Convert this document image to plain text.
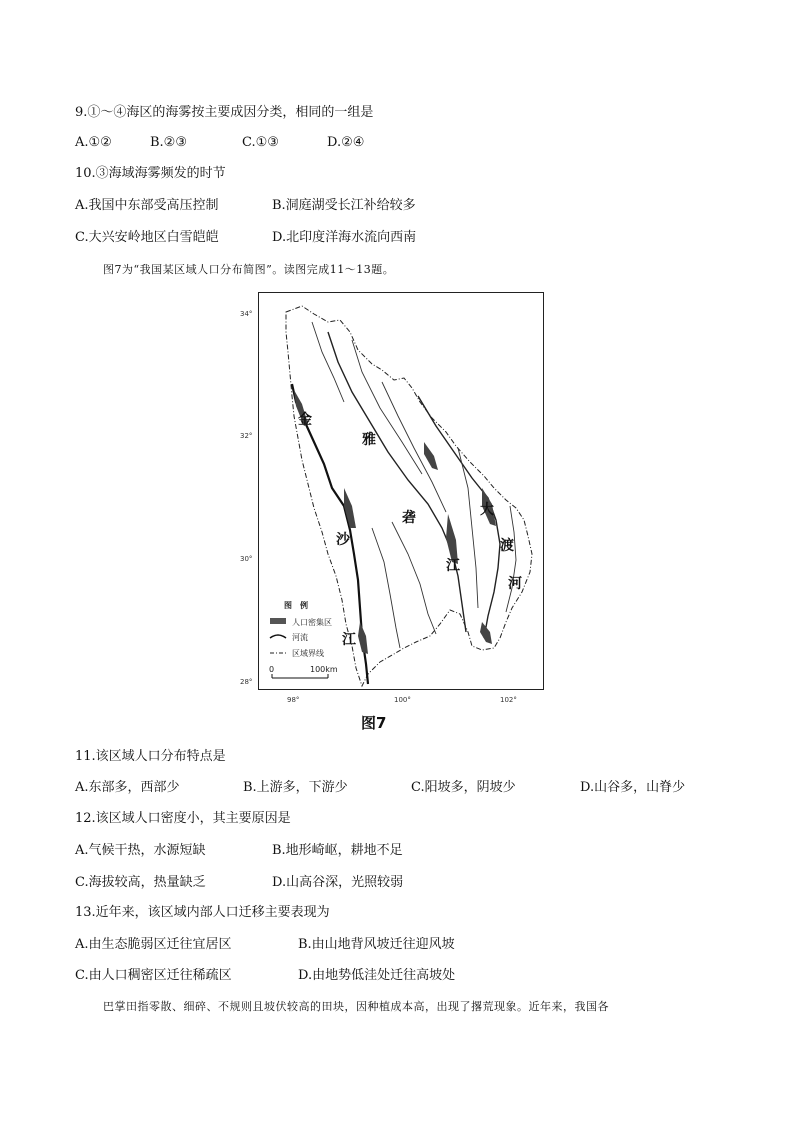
9.①～④海区的海雾按主要成因分类，相同的一组是
A.①②	B.②③	C.①③	D.②④
10.③海域海雾频发的时节
A.我国中东部受高压控制	B.洞庭湖受长江补给较多
C.大兴安岭地区白雪皑皑	D.北印度洋海水流向西南
图7为“我国某区域人口分布简图”。读图完成11～13题。
34°
32°
30°
28°
98°	100°	102°
金
沙
江
雅
砻
江
大
渡
河
图　例
人口密集区
河流
区域界线
0	100km
图7
11.该区域人口分布特点是
A.东部多，西部少	B.上游多，下游少	C.阳坡多，阴坡少	D.山谷多，山脊少
12.该区域人口密度小，其主要原因是
A.气候干热，水源短缺	B.地形崎岖，耕地不足
C.海拔较高，热量缺乏	D.山高谷深，光照较弱
13.近年来，该区域内部人口迁移主要表现为
A.由生态脆弱区迁往宜居区	B.由山地背风坡迁往迎风坡
C.由人口稠密区迁往稀疏区	D.由地势低洼处迁往高坡处
巴掌田指零散、细碎、不规则且坡伏较高的田块，因种植成本高，出现了撂荒现象。近年来，我国各
